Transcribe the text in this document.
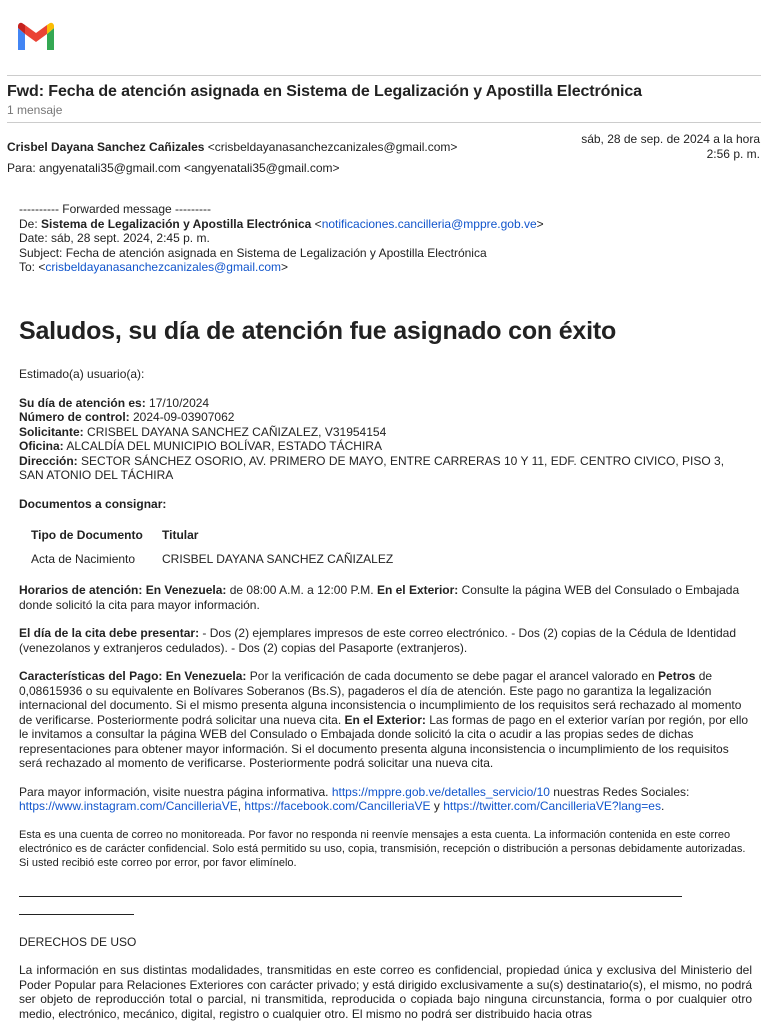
Fwd: Fecha de atención asignada en Sistema de Legalización y Apostilla Electrónica
1 mensaje
Crisbel Dayana Sanchez Cañizales <crisbeldayanasanchezcanizales@gmail.com>
sáb, 28 de sep. de 2024 a la hora
2:56 p. m.
Para: angyenatali35@gmail.com <angyenatali35@gmail.com>
---------- Forwarded message ---------
De: Sistema de Legalización y Apostilla Electrónica <notificaciones.cancilleria@mppre.gob.ve>
Date: sáb, 28 sept. 2024, 2:45 p. m.
Subject: Fecha de atención asignada en Sistema de Legalización y Apostilla Electrónica
To: <crisbeldayanasanchezcanizales@gmail.com>
Saludos, su día de atención fue asignado con éxito

Estimado(a) usuario(a):

Su día de atención es: 17/10/2024
Número de control: 2024-09-03907062
Solicitante: CRISBEL DAYANA SANCHEZ CAÑIZALEZ, V31954154
Oficina: ALCALDÍA DEL MUNICIPIO BOLÍVAR, ESTADO TÁCHIRA
Dirección: SECTOR SÁNCHEZ OSORIO, AV. PRIMERO DE MAYO, ENTRE CARRERAS 10 Y 11, EDF. CENTRO CIVICO, PISO 3, SAN ATONIO DEL TÁCHIRA

Documentos a consignar:

Tipo de Documento	Titular
Acta de Nacimiento	CRISBEL DAYANA SANCHEZ CAÑIZALEZ

Horarios de atención: En Venezuela: de 08:00 A.M. a 12:00 P.M. En el Exterior: Consulte la página WEB del Consulado o Embajada donde solicitó la cita para mayor información.

El día de la cita debe presentar: - Dos (2) ejemplares impresos de este correo electrónico. - Dos (2) copias de la Cédula de Identidad (venezolanos y extranjeros cedulados). - Dos (2) copias del Pasaporte (extranjeros).

Características del Pago: En Venezuela: Por la verificación de cada documento se debe pagar el arancel valorado en Petros de 0,08615936 o su equivalente en Bolívares Soberanos (Bs.S), pagaderos el día de atención. Este pago no garantiza la legalización internacional del documento. Si el mismo presenta alguna inconsistencia o incumplimiento de los requisitos será rechazado al momento de verificarse. Posteriormente podrá solicitar una nueva cita. En el Exterior: Las formas de pago en el exterior varían por región, por ello le invitamos a consultar la página WEB del Consulado o Embajada donde solicitó la cita o acudir a las propias sedes de dichas representaciones para obtener mayor información. Si el documento presenta alguna inconsistencia o incumplimiento de los requisitos será rechazado al momento de verificarse. Posteriormente podrá solicitar una nueva cita.

Para mayor información, visite nuestra página informativa. https://mppre.gob.ve/detalles_servicio/10 nuestras Redes Sociales: https://www.instagram.com/CancilleriaVE, https://facebook.com/CancilleriaVE y https://twitter.com/CancilleriaVE?lang=es.

Esta es una cuenta de correo no monitoreada. Por favor no responda ni reenvíe mensajes a esta cuenta. La información contenida en este correo electrónico es de carácter confidencial. Solo está permitido su uso, copia, transmisión, recepción o distribución a personas debidamente autorizadas. Si usted recibió este correo por error, por favor elimínelo.

DERECHOS DE USO

La información en sus distintas modalidades, transmitidas en este correo es confidencial, propiedad única y exclusiva del Ministerio del Poder Popular para Relaciones Exteriores con carácter privado; y está dirigido exclusivamente a su(s) destinatario(s), el mismo, no podrá ser objeto de reproducción total o parcial, ni transmitida, reproducida o copiada bajo ninguna circunstancia, forma o por cualquier otro medio, electrónico, mecánico, digital, registro o cualquier otro. El mismo no podrá ser distribuido hacia otras
